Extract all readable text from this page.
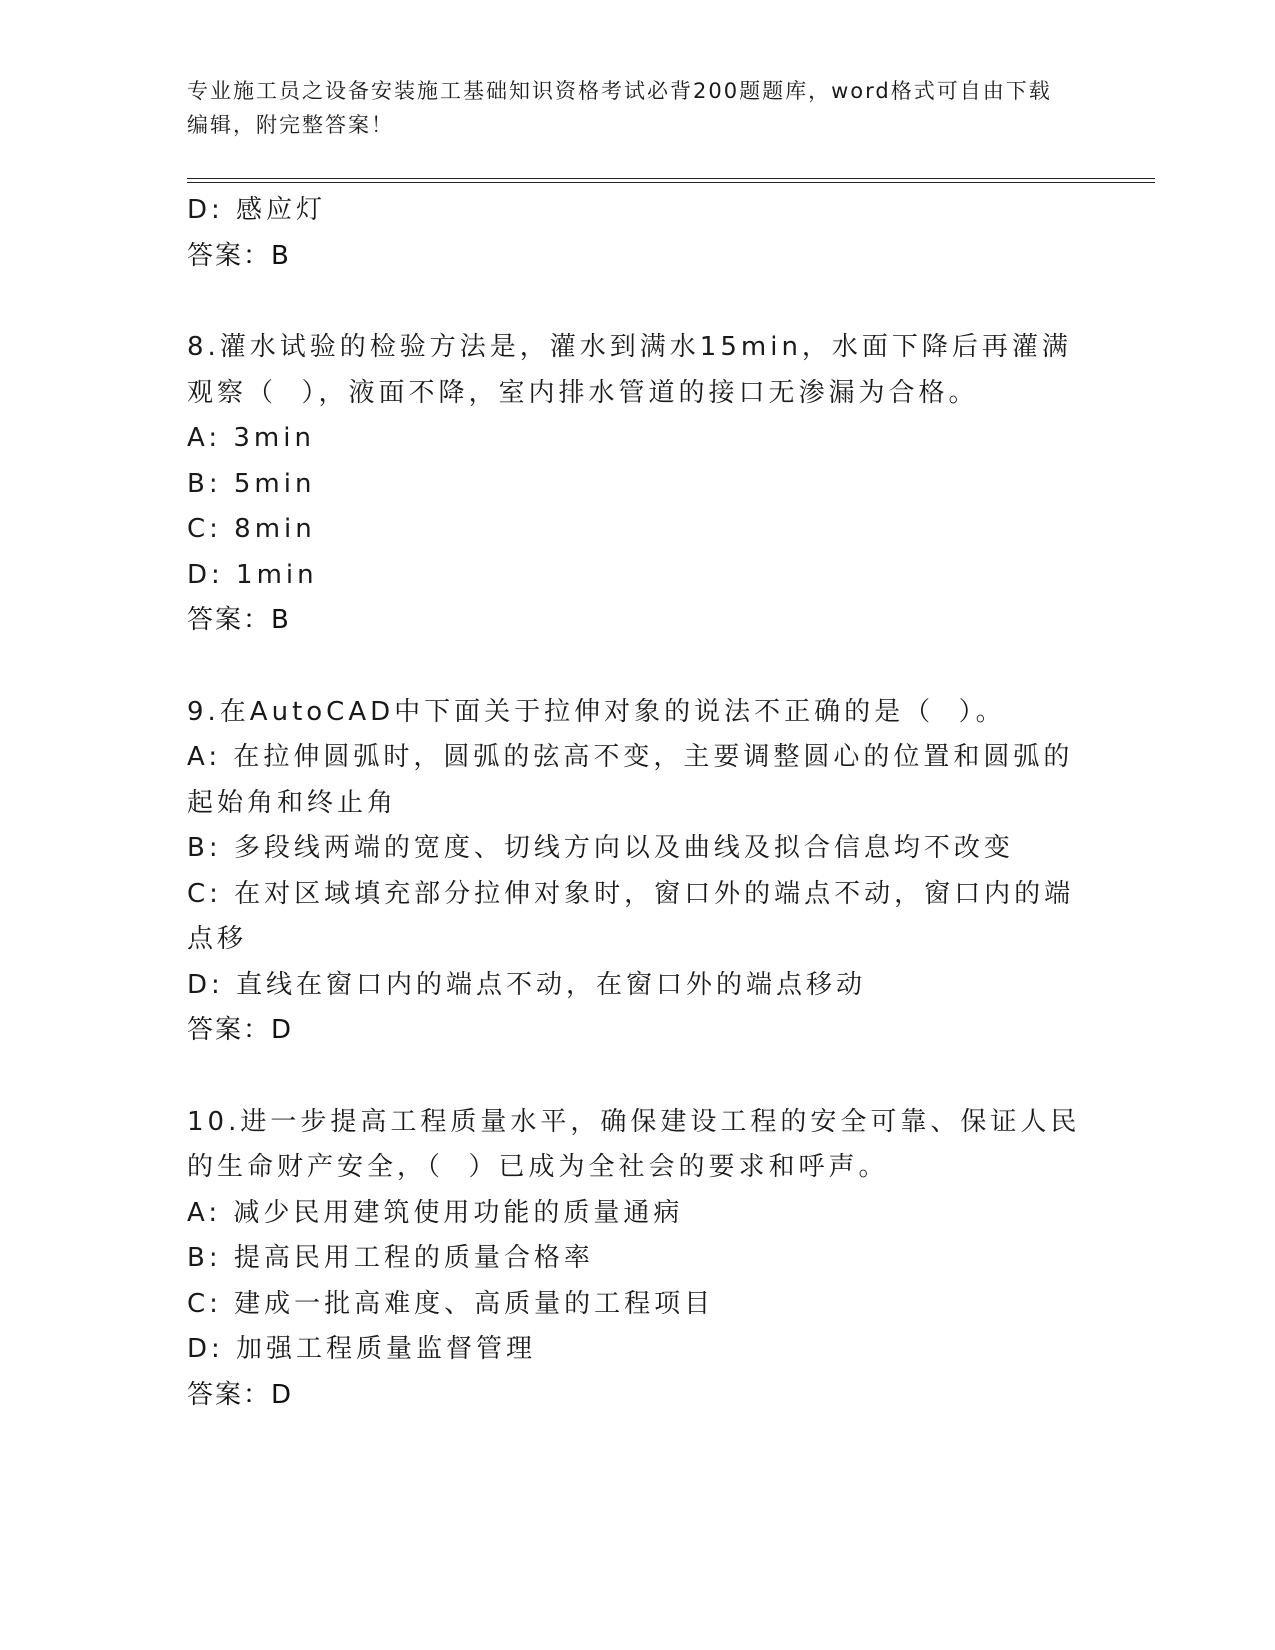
专业施工员之设备安装施工基础知识资格考试必背200题题库，word格式可自由下载编辑，附完整答案！

D: 感应灯

答案：B

8.灌水试验的检验方法是，灌水到满水15min，水面下降后再灌满观察（  ），液面不降，室内排水管道的接口无渗漏为合格。

A: 3min

B: 5min

C: 8min

D: 1min

答案：B

9.在AutoCAD中下面关于拉伸对象的说法不正确的是（  ）。

A: 在拉伸圆弧时，圆弧的弦高不变，主要调整圆心的位置和圆弧的起始角和终止角

B: 多段线两端的宽度、切线方向以及曲线及拟合信息均不改变

C: 在对区域填充部分拉伸对象时，窗口外的端点不动，窗口内的端点移

D: 直线在窗口内的端点不动，在窗口外的端点移动

答案：D

10.进一步提高工程质量水平，确保建设工程的安全可靠、保证人民的生命财产安全，（  ）已成为全社会的要求和呼声。

A: 减少民用建筑使用功能的质量通病

B: 提高民用工程的质量合格率

C: 建成一批高难度、高质量的工程项目

D: 加强工程质量监督管理

答案：D
